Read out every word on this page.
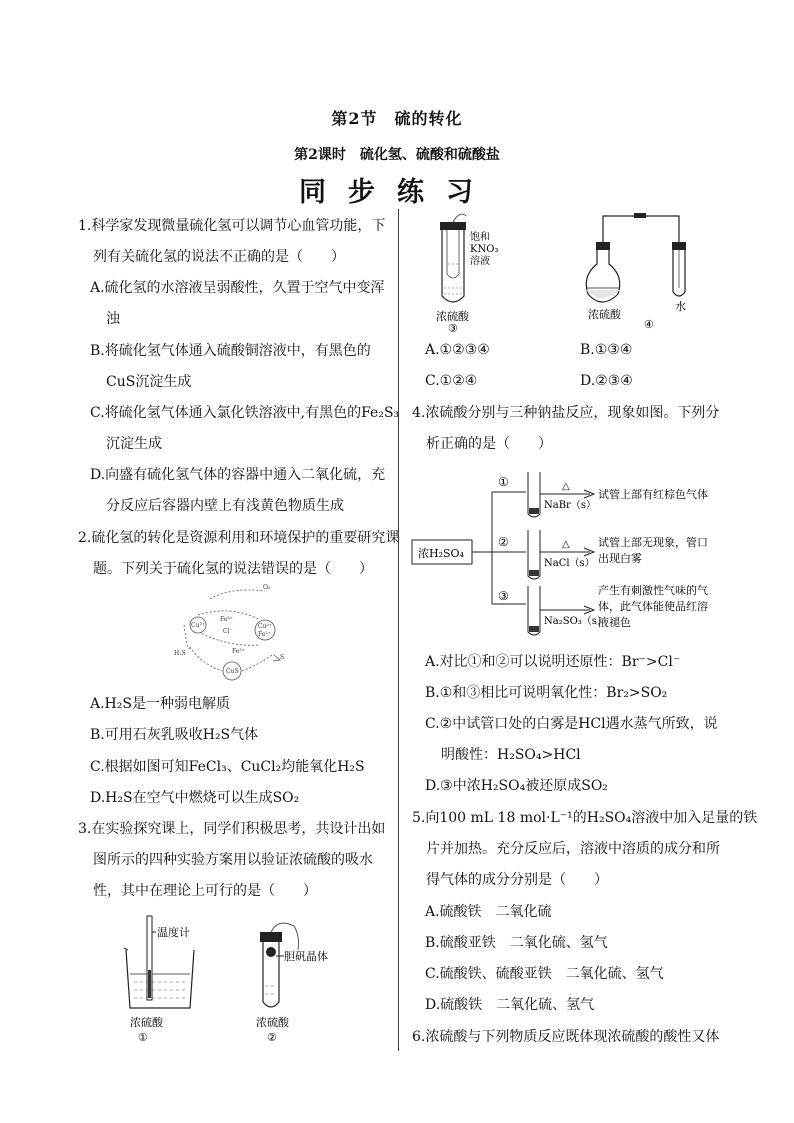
第2节　硫的转化
第2课时　硫化氢、硫酸和硫酸盐
同步练习
1.科学家发现微量硫化氢可以调节心血管功能，下
列有关硫化氢的说法不正确的是（　　）
A.硫化氢的水溶液呈弱酸性，久置于空气中变浑
浊
B.将硫化氢气体通入硫酸铜溶液中，有黑色的
CuS沉淀生成
C.将硫化氢气体通入氯化铁溶液中,有黑色的Fe₂S₃
沉淀生成
D.向盛有硫化氢气体的容器中通入二氧化硫，充
分反应后容器内壁上有浅黄色物质生成
2.硫化氢的转化是资源利用和环境保护的重要研究课
题。下列关于硫化氢的说法错误的是（　　）
O₂
Cu²⁺
Fe³⁺
Cl⁻
Cu²⁺
Fe²⁺
H₂S	Fe³⁺
S
CuS
A.H₂S是一种弱电解质
B.可用石灰乳吸收H₂S气体
C.根据如图可知FeCl₃、CuCl₂均能氧化H₂S
D.H₂S在空气中燃烧可以生成SO₂
3.在实验探究课上，同学们积极思考，共设计出如
图所示的四种实验方案用以验证浓硫酸的吸水
性，其中在理论上可行的是（　　）
温度计
浓硫酸
①
胆矾晶体
浓硫酸
②
饱和
KNO₃
溶液
浓硫酸
③
浓硫酸
水
④
A.①②③④	B.①③④
C.①②④	D.②③④
4.浓硫酸分别与三种钠盐反应，现象如图。下列分
析正确的是（　　）
浓H₂SO₄
①
②
③
△
△
NaBr（s）
NaCl（s）
Na₂SO₃（s）
试管上部有红棕色气体
试管上部无现象，管口
出现白雾
产生有刺激性气味的气
体，此气体能使品红溶
液褪色
A.对比①和②可以说明还原性：Br⁻>Cl⁻
B.①和③相比可说明氧化性：Br₂>SO₂
C.②中试管口处的白雾是HCl遇水蒸气所致，说
明酸性：H₂SO₄>HCl
D.③中浓H₂SO₄被还原成SO₂
5.向100 mL 18 mol·L⁻¹的H₂SO₄溶液中加入足量的铁
片并加热。充分反应后，溶液中溶质的成分和所
得气体的成分分别是（　　）
A.硫酸铁　二氧化硫
B.硫酸亚铁　二氧化硫、氢气
C.硫酸铁、硫酸亚铁　二氧化硫、氢气
D.硫酸铁　二氧化硫、氢气
6.浓硫酸与下列物质反应既体现浓硫酸的酸性又体
